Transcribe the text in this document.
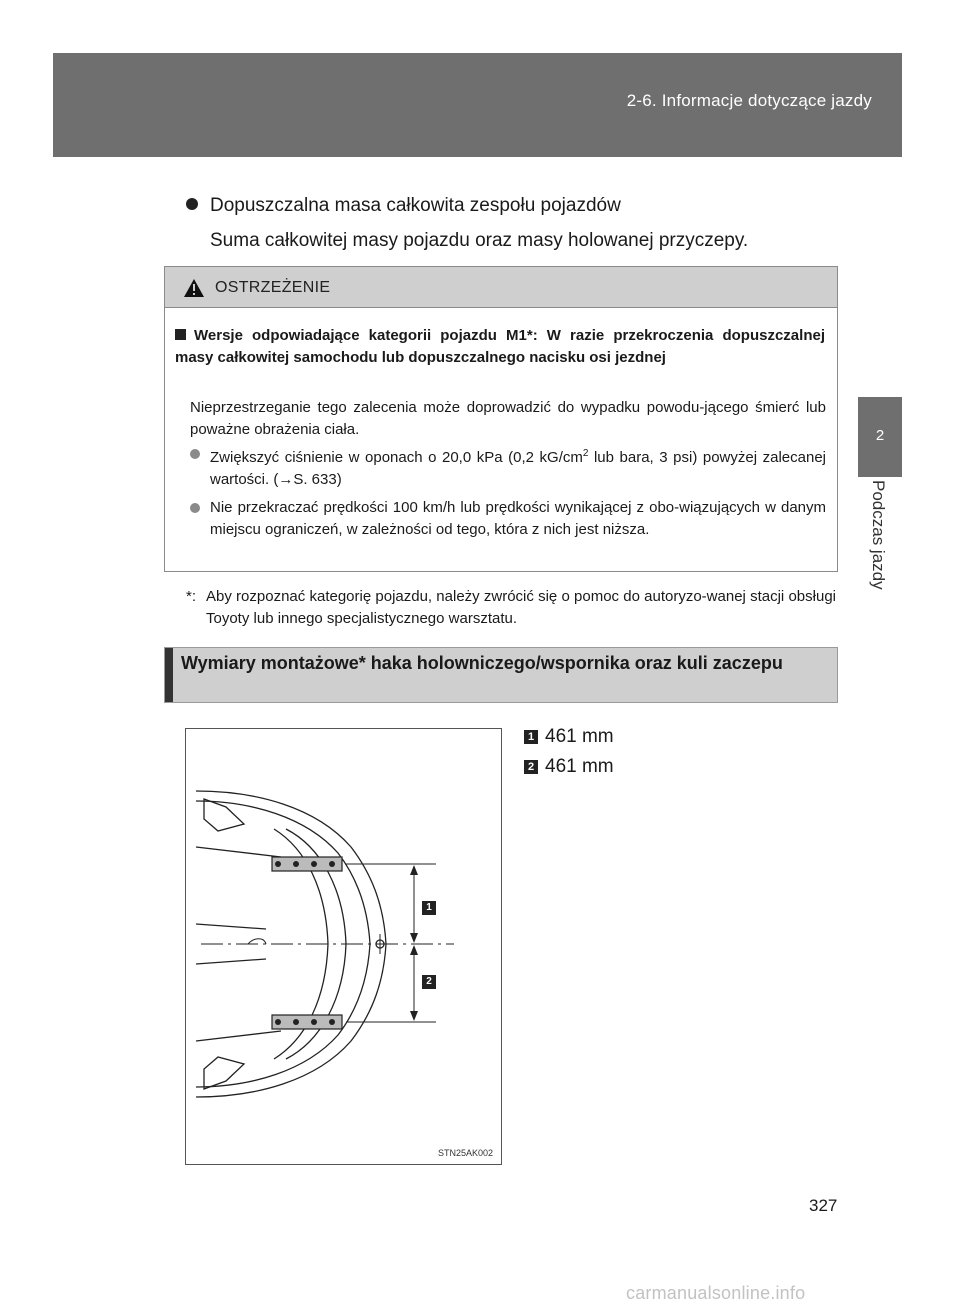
2-6. Informacje dotyczące jazdy
2
Podczas jazdy
Dopuszczalna masa całkowita zespołu pojazdów
Suma całkowitej masy pojazdu oraz masy holowanej przyczepy.
OSTRZEŻENIE
Wersje odpowiadające kategorii pojazdu M1*: W razie przekroczenia dopuszczalnej masy całkowitej samochodu lub dopuszczalnego nacisku osi jezdnej
Nieprzestrzeganie tego zalecenia może doprowadzić do wypadku powodu-jącego śmierć lub poważne obrażenia ciała.
Zwiększyć ciśnienie w oponach o 20,0 kPa (0,2 $kG/cm^2$ lub bara, 3 psi) powyżej zalecanej wartości. (→S. 633)
Nie przekraczać prędkości 100 km/h lub prędkości wynikającej z obo-wiązujących w danym miejscu ograniczeń, w zależności od tego, która z nich jest niższa.
*: Aby rozpoznać kategorię pojazdu, należy zwrócić się o pomoc do autoryzo-wanej stacji obsługi Toyoty lub innego specjalistycznego warsztatu.
Wymiary montażowe* haka holowniczego/wspornika oraz kuli zaczepu
1 461 mm
2 461 mm
1
2
STN25AK002
327
carmanualsonline.info
